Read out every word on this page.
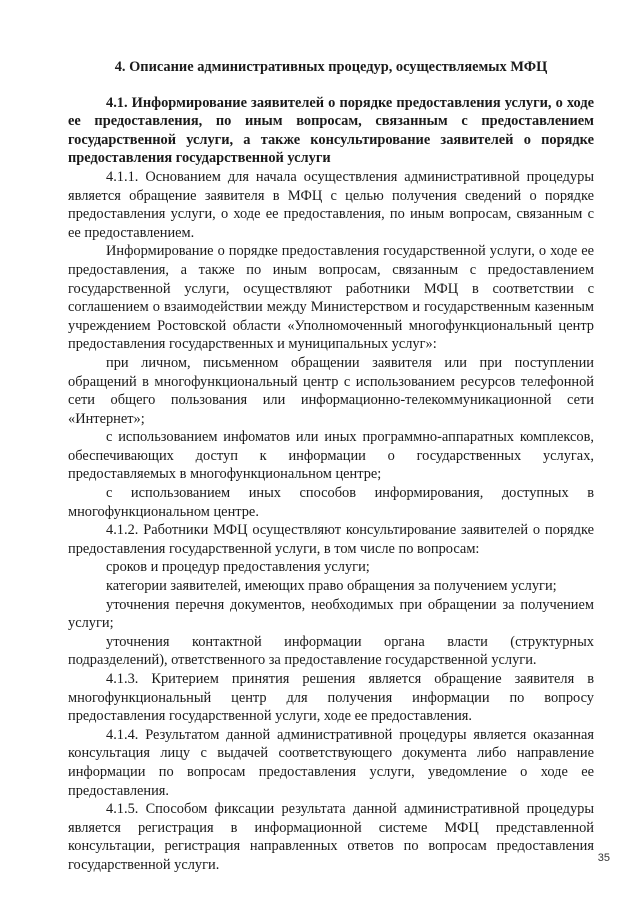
4. Описание административных процедур, осуществляемых МФЦ
4.1. Информирование заявителей о порядке предоставления услуги, о ходе ее предоставления, по иным вопросам, связанным с предоставлением государственной услуги, а также консультирование заявителей о порядке предоставления государственной услуги

4.1.1. Основанием для начала осуществления административной процедуры является обращение заявителя в МФЦ с целью получения сведений о порядке предоставления услуги, о ходе ее предоставления, по иным вопросам, связанным с ее предоставлением.

Информирование о порядке предоставления государственной услуги, о ходе ее предоставления, а также по иным вопросам, связанным с предоставлением государственной услуги, осуществляют работники МФЦ в соответствии с соглашением о взаимодействии между Министерством и государственным казенным учреждением Ростовской области «Уполномоченный многофункциональный центр предоставления государственных и муниципальных услуг»:

при личном, письменном обращении заявителя или при поступлении обращений в многофункциональный центр с использованием ресурсов телефонной сети общего пользования или информационно-телекоммуникационной сети «Интернет»;

с использованием инфоматов или иных программно-аппаратных комплексов, обеспечивающих доступ к информации о государственных услугах, предоставляемых в многофункциональном центре;

с использованием иных способов информирования, доступных в многофункциональном центре.

4.1.2. Работники МФЦ осуществляют консультирование заявителей о порядке предоставления государственной услуги, в том числе по вопросам:

сроков и процедур предоставления услуги;

категории заявителей, имеющих право обращения за получением услуги;

уточнения перечня документов, необходимых при обращении за получением услуги;

уточнения контактной информации органа власти (структурных подразделений), ответственного за предоставление государственной услуги.

4.1.3. Критерием принятия решения является обращение заявителя в многофункциональный центр для получения информации по вопросу предоставления государственной услуги, ходе ее предоставления.

4.1.4. Результатом данной административной процедуры является оказанная консультация лицу с выдачей соответствующего документа либо направление информации по вопросам предоставления услуги, уведомление о ходе ее предоставления.

4.1.5. Способом фиксации результата данной административной процедуры является регистрация в информационной системе МФЦ представленной консультации, регистрация направленных ответов по вопросам предоставления государственной услуги.	35
